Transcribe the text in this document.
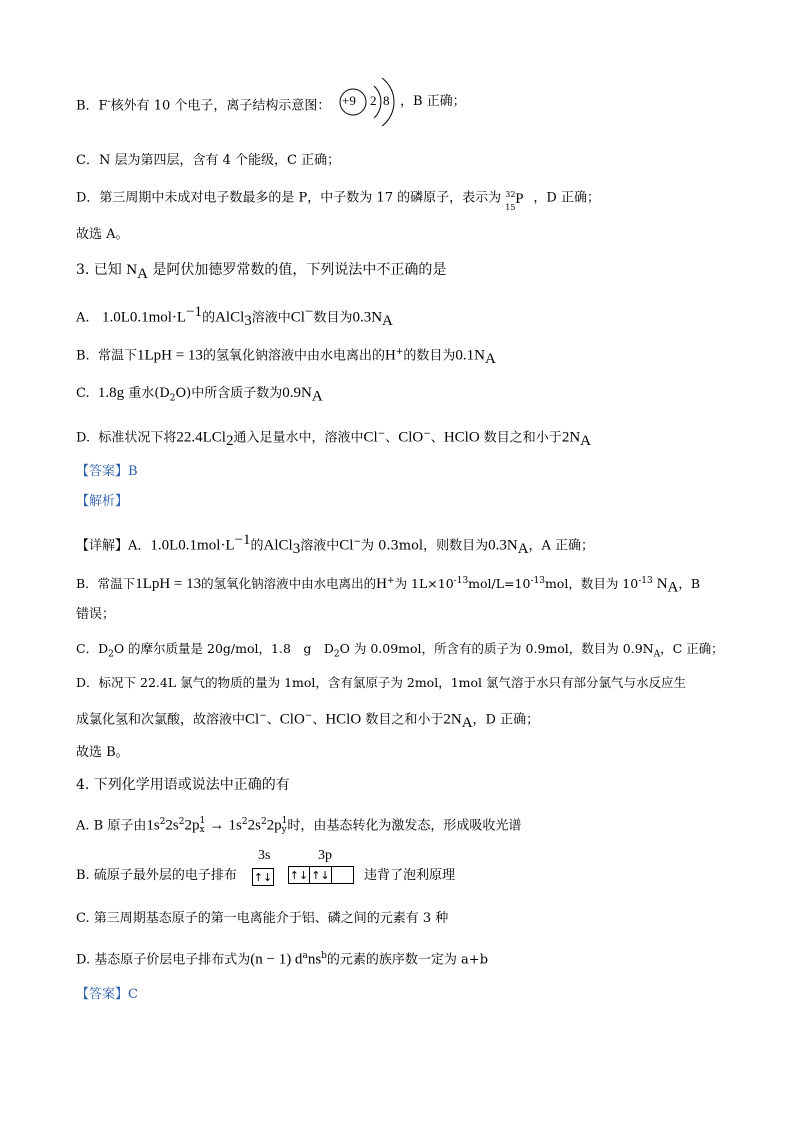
B．F-核外有 10 个电子，离子结构示意图： +9 2 8 ，B 正确；
C．N 层为第四层，含有 4 个能级，C 正确；
D．第三周期中未成对电子数最多的是 P，中子数为 17 的磷原子，表示为 32
15
P ，D 正确；
故选 A。
3. 已知 $N_A$ 是阿伏加德罗常数的值，下列说法中不正确的是
A. $1.0L0.1mol\cdot L^{-1}$的AlCl$_3$溶液中Cl−数目为$0.3N_A$
B. 常温下1LpH = 13的氢氧化钠溶液中由水电离出的H+的数目为$0.1N_A$
C. 1.8g 重水$(D_2O)$中所含质子数为$0.9N_A$
D. 标准状况下将22.4LCl$_2$通入足量水中，溶液中Cl−、ClO−、HClO 数目之和小于$2N_A$
【答案】B
【解析】
【详解】A．$1.0L0.1mol\cdot L^{-1}$的AlCl$_3$溶液中Cl−为 0.3mol，则数目为$0.3N_A$，A 正确；
B．常温下1LpH = 13的氢氧化钠溶液中由水电离出的H+为 $1L\times 10^{-13}mol/L=10^{-13}mol$，数目为 $10^{-13}$ $N_A$，B
错误；
C．$D_2O$ 的摩尔质量是 20g/mol，1.8　g　$D_2O$ 为 0.09mol，所含有的质子为 0.9mol，数目为 $0.9N_A$，C 正确；
D．标况下 22.4L 氯气的物质的量为 1mol，含有氯原子为 2mol，1mol 氯气溶于水只有部分氯气与水反应生
成氯化氢和次氯酸，故溶液中Cl−、ClO−、HClO 数目之和小于$2N_A$，D 正确；
故选 B。
4. 下列化学用语或说法中正确的有
A. B 原子由$1s^22s^22p$ 1
$x \to 1s^22s^22p$ 1
y 时，由基态转化为激发态，形成吸收光谱
B. 硫原子最外层的电子排布
3s	3p
↑↓ ↑↓ ↑↓	违背了泡利原理
C. 第三周期基态原子的第一电离能介于铝、磷之间的元素有 3 种
D. 基态原子价层电子排布式为(n − 1) $d^ans^b$的元素的族序数一定为 a+b
【答案】C
